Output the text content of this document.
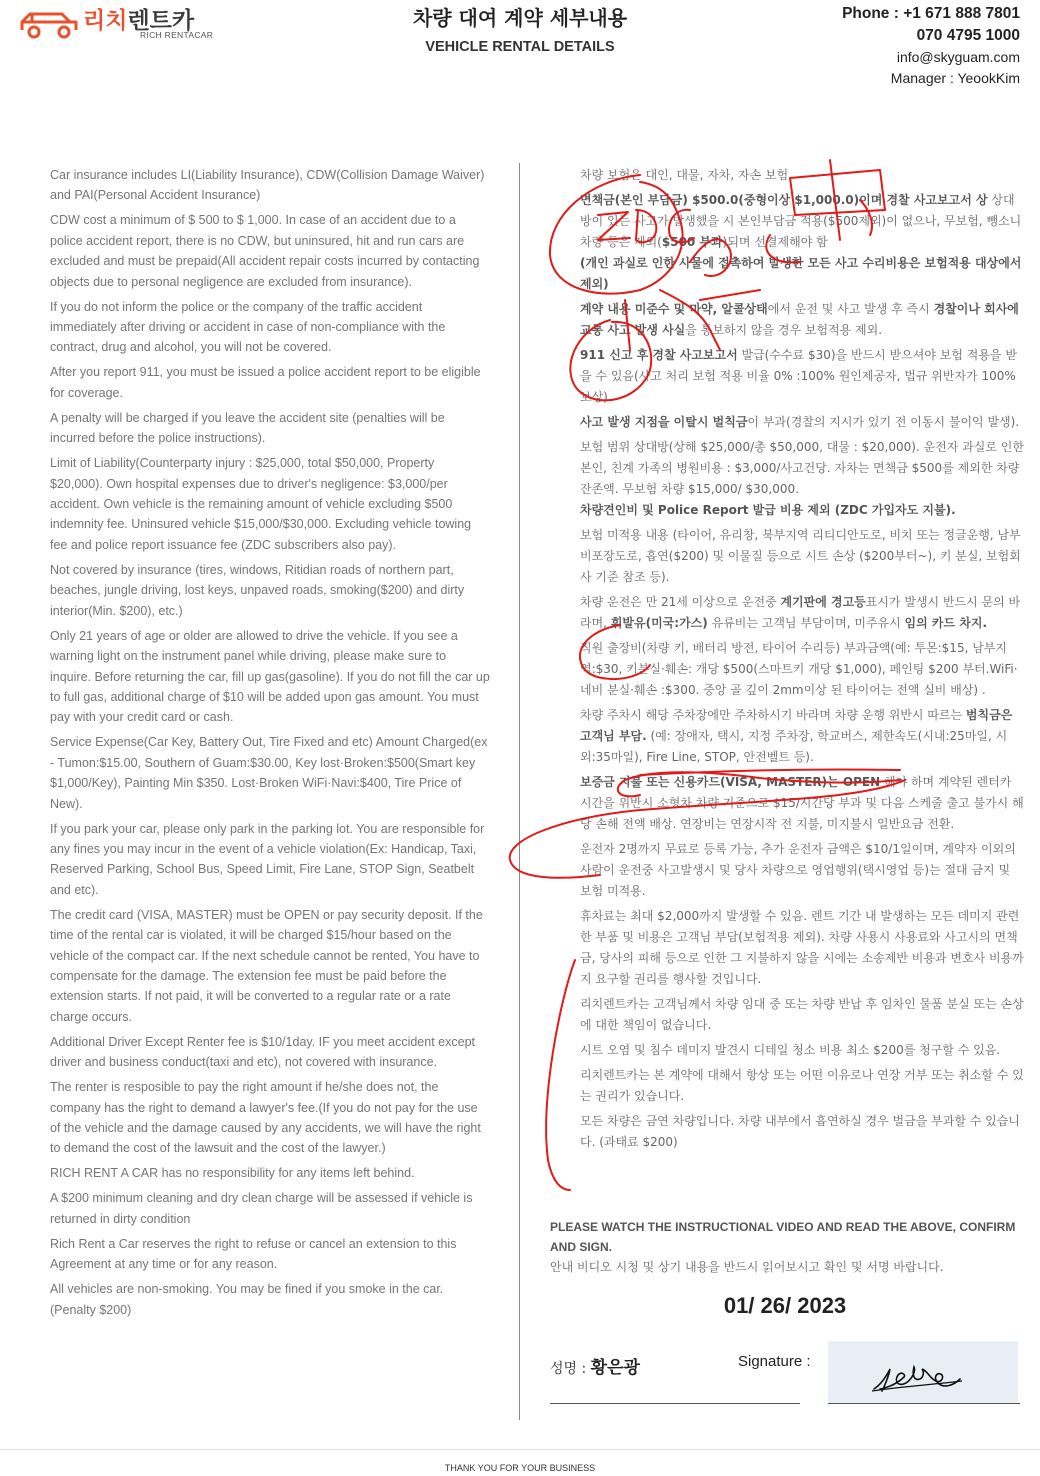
리치렌트카
RICH RENTACAR
차량 대여 계약 세부내용
VEHICLE RENTAL DETAILS
Phone : +1 671 888 7801
070 4795 1000
info@skyguam.com
Manager : YeookKim

Car insurance includes LI(Liability Insurance), CDW(Collision Damage Waiver) and PAI(Personal Accident Insurance)

CDW cost a minimum of $ 500 to $ 1,000. In case of an accident due to a police accident report, there is no CDW, but uninsured, hit and run cars are excluded and must be prepaid(All accident repair costs incurred by contacting objects due to personal negligence are excluded from insurance).

If you do not inform the police or the company of the traffic accident immediately after driving or accident in case of non-compliance with the contract, drug and alcohol, you will not be covered.

After you report 911, you must be issued a police accident report to be eligible for coverage.

A penalty will be charged if you leave the accident site (penalties will be incurred before the police instructions).

Limit of Liability(Counterparty injury : $25,000, total $50,000, Property $20,000). Own hospital expenses due to driver's negligence: $3,000/per accident. Own vehicle is the remaining amount of vehicle excluding $500 indemnity fee. Uninsured vehicle $15,000/$30,000. Excluding vehicle towing fee and police report issuance fee (ZDC subscribers also pay).

Not covered by insurance (tires, windows, Ritidian roads of northern part, beaches, jungle driving, lost keys, unpaved roads, smoking($200) and dirty interior(Min. $200), etc.)

Only 21 years of age or older are allowed to drive the vehicle. If you see a warning light on the instrument panel while driving, please make sure to inquire. Before returning the car, fill up gas(gasoline). If you do not fill the car up to full gas, additional charge of $10 will be added upon gas amount. You must pay with your credit card or cash.

Service Expense(Car Key, Battery Out, Tire Fixed and etc) Amount Charged(ex - Tumon:$15.00, Southern of Guam:$30.00, Key lost·Broken:$500(Smart key $1,000/Key), Painting Min $350. Lost·Broken WiFi·Navi:$400, Tire Price of New).

If you park your car, please only park in the parking lot. You are responsible for any fines you may incur in the event of a vehicle violation(Ex: Handicap, Taxi, Reserved Parking, School Bus, Speed Limit, Fire Lane, STOP Sign, Seatbelt and etc).

The credit card (VISA, MASTER) must be OPEN or pay security deposit. If the time of the rental car is violated, it will be charged $15/hour based on the vehicle of the compact car. If the next schedule cannot be rented, You have to compensate for the damage. The extension fee must be paid before the extension starts. If not paid, it will be converted to a regular rate or a rate charge occurs.

Additional Driver Except Renter fee is $10/1day. IF you meet accident except driver and business conduct(taxi and etc), not covered with insurance.

The renter is resposible to pay the right amount if he/she does not, the company has the right to demand a lawyer's fee.(If you do not pay for the use of the vehicle and the damage caused by any accidents, we will have the right to demand the cost of the lawsuit and the cost of the lawyer.)

RICH RENT A CAR has no responsibility for any items left behind.

A $200 minimum cleaning and dry clean charge will be assessed if vehicle is returned in dirty condition

Rich Rent a Car reserves the right to refuse or cancel an extension to this Agreement at any time or for any reason.

All vehicles are non-smoking. You may be fined if you smoke in the car. (Penalty $200)

차량 보험은 대인, 대물, 자차, 자손 보험

면책금(본인 부담금) $500.0(중형이상 $1,000.0)이며 경찰 사고보고서 상 상대방이 있는 사고가 발생했을 시 본인부담금 적용($500제외)이 없으나, 무보험, 뺑소니 차량 등은 제외($500 부과)되며 선결제해야 함
(개인 과실로 인한 사물에 접촉하여 발생한 모든 사고 수리비용은 보험적용 대상에서 제외)

계약 내용 미준수 및 마약, 알콜상태에서 운전 및 사고 발생 후 즉시 경찰이나 회사에 교통 사고 발생 사실을 통보하지 않을 경우 보험적용 제외.

911 신고 후 경찰 사고보고서 발급(수수료 $30)을 반드시 받으셔야 보험 적용을 받을 수 있음(사고 처리 보험 적용 비율 0% :100% 원인제공자, 법규 위반자가 100% 보상).

사고 발생 지점을 이탈시 벌칙금이 부과(경찰의 지시가 있기 전 이동시 불이익 발생).

보험 범위 상대방(상해 $25,000/총 $50,000, 대물 : $20,000). 운전자 과실로 인한 본인, 친계 가족의 병원비용 : $3,000/사고건당. 자차는 면책금 $500를 제외한 차량 잔존액. 무보험 차량 $15,000/ $30,000.
차량견인비 및 Police Report 발급 비용 제외 (ZDC 가입자도 지불).

보험 미적용 내용 (타이어, 유리창, 북부지역 리티디안도로, 비치 또는 정글운행, 남부 비포장도로, 흡연($200) 및 이물질 등으로 시트 손상 ($200부터~), 키 분실, 보험회사 기준 참조 등).

차량 운전은 만 21세 이상으로 운전중 계기판에 경고등표시가 발생시 반드시 문의 바라며, 휘발유(미국:가스) 유류비는 고객님 부담이며, 미주유시 임의 카드 차지.

직원 출장비(차량 키, 배터리 방전, 타이어 수리등) 부과금액(예: 투몬:$15, 남부지역:$30, 키분실·훼손: 개당 $500(스마트키 개당 $1,000), 페인팅 $200 부터.WiFi·네비 분실·훼손 :$300. 중앙 골 깊이 2mm이상 된 타이어는 전액 실비 배상) .

차량 주차시 해당 주차장에만 주차하시기 바라며 차량 운행 위반시 따르는 범칙금은 고객님 부담. (예: 장애자, 택시, 지정 주차장, 학교버스, 제한속도(시내:25마일, 시외:35마일), Fire Line, STOP, 안전벨트 등).

보증금 지불 또는 신용카드(VISA, MASTER)는 OPEN 해야 하며 계약된 렌터카 시간을 위반시 소형차 차량 기준으로 $15/시간당 부과 및 다음 스케줄 출고 불가시 해당 손해 전액 배상. 연장비는 연장시작 전 지불, 미지불시 일반요금 전환.

운전자 2명까지 무료로 등록 가능, 추가 운전자 금액은 $10/1일이며, 계약자 이외의 사람이 운전중 사고발생시 및 당사 차량으로 영업행위(택시영업 등)는 절대 금지 및 보험 미적용.

휴차료는 최대 $2,000까지 발생할 수 있음. 렌트 기간 내 발생하는 모든 데미지 관련한 부품 및 비용은 고객님 부담(보험적용 제외). 차량 사용시 사용료와 사고시의 면책금, 당사의 피해 등으로 인한 그 지불하지 않을 시에는 소송제반 비용과 변호사 비용까지 요구할 권리를 행사할 것입니다.

리치렌트카는 고객님께서 차량 임대 중 또는 차량 반납 후 임차인 물품 분실 또는 손상에 대한 책임이 없습니다.

시트 오염 및 침수 데미지 발견시 디테일 청소 비용 최소 $200를 청구할 수 있음.

리치렌트카는 본 계약에 대해서 항상 또는 어떤 이유로나 연장 거부 또는 취소할 수 있는 권리가 있습니다.

모든 차량은 금연 차량입니다. 차량 내부에서 흡연하실 경우 벌금을 부과할 수 있습니다. (과태료 $200)

PLEASE WATCH THE INSTRUCTIONAL VIDEO AND READ THE ABOVE, CONFIRM AND SIGN.
안내 비디오 시청 및 상기 내용을 반드시 읽어보시고 확인 및 서명 바랍니다.
01/ 26/ 2023
성명 : 황은광	Signature :
THANK YOU FOR YOUR BUSINESS
